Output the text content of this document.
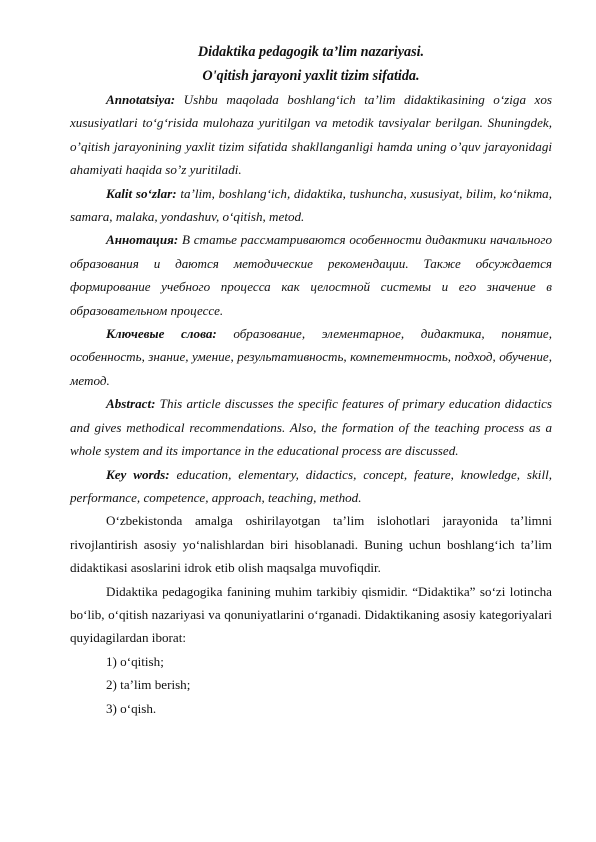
Didaktika pedagogik ta’lim nazariyasi.
O'qitish jarayoni yaxlit tizim sifatida.

Annotatsiya: Ushbu maqolada boshlang‘ich ta’lim didaktikasining o‘ziga xos xususiyatlari to‘g‘risida mulohaza yuritilgan va metodik tavsiyalar berilgan. Shuningdek, o’qitish jarayonining yaxlit tizim sifatida shakllanganligi hamda uning o’quv jarayonidagi ahamiyati haqida so’z yuritiladi.

Kalit so‘zlar: ta’lim, boshlang‘ich, didaktika, tushuncha, xususiyat, bilim, ko‘nikma, samara, malaka, yondashuv, o‘qitish, metod.

Аннотация: В статье рассматриваются особенности дидактики начального образования и даются методические рекомендации. Также обсуждается формирование учебного процесса как целостной системы и его значение в образовательном процессе.

Ключевые слова: образование, элементарное, дидактика, понятие, особенность, знание, умение, результативность, компетентность, подход, обучение, метод.

Abstract: This article discusses the specific features of primary education didactics and gives methodical recommendations. Also, the formation of the teaching process as a whole system and its importance in the educational process are discussed.

Key words: education, elementary, didactics, concept, feature, knowledge, skill, performance, competence, approach, teaching, method.

O‘zbekistonda amalga oshirilayotgan ta’lim islohotlari jarayonida ta’limni rivojlantirish asosiy yo‘nalishlardan biri hisoblanadi. Buning uchun boshlang‘ich ta’lim didaktikasi asoslarini idrok etib olish maqsalga muvofiqdir.

Didaktika pedagogika fanining muhim tarkibiy qismidir. “Didaktika” so‘zi lotincha bo‘lib, o‘qitish nazariyasi va qonuniyatlarini o‘rganadi. Didaktikaning asosiy kategoriyalari quyidagilardan iborat:

1) o‘qitish;

2) ta’lim berish;

3) o‘qish.
